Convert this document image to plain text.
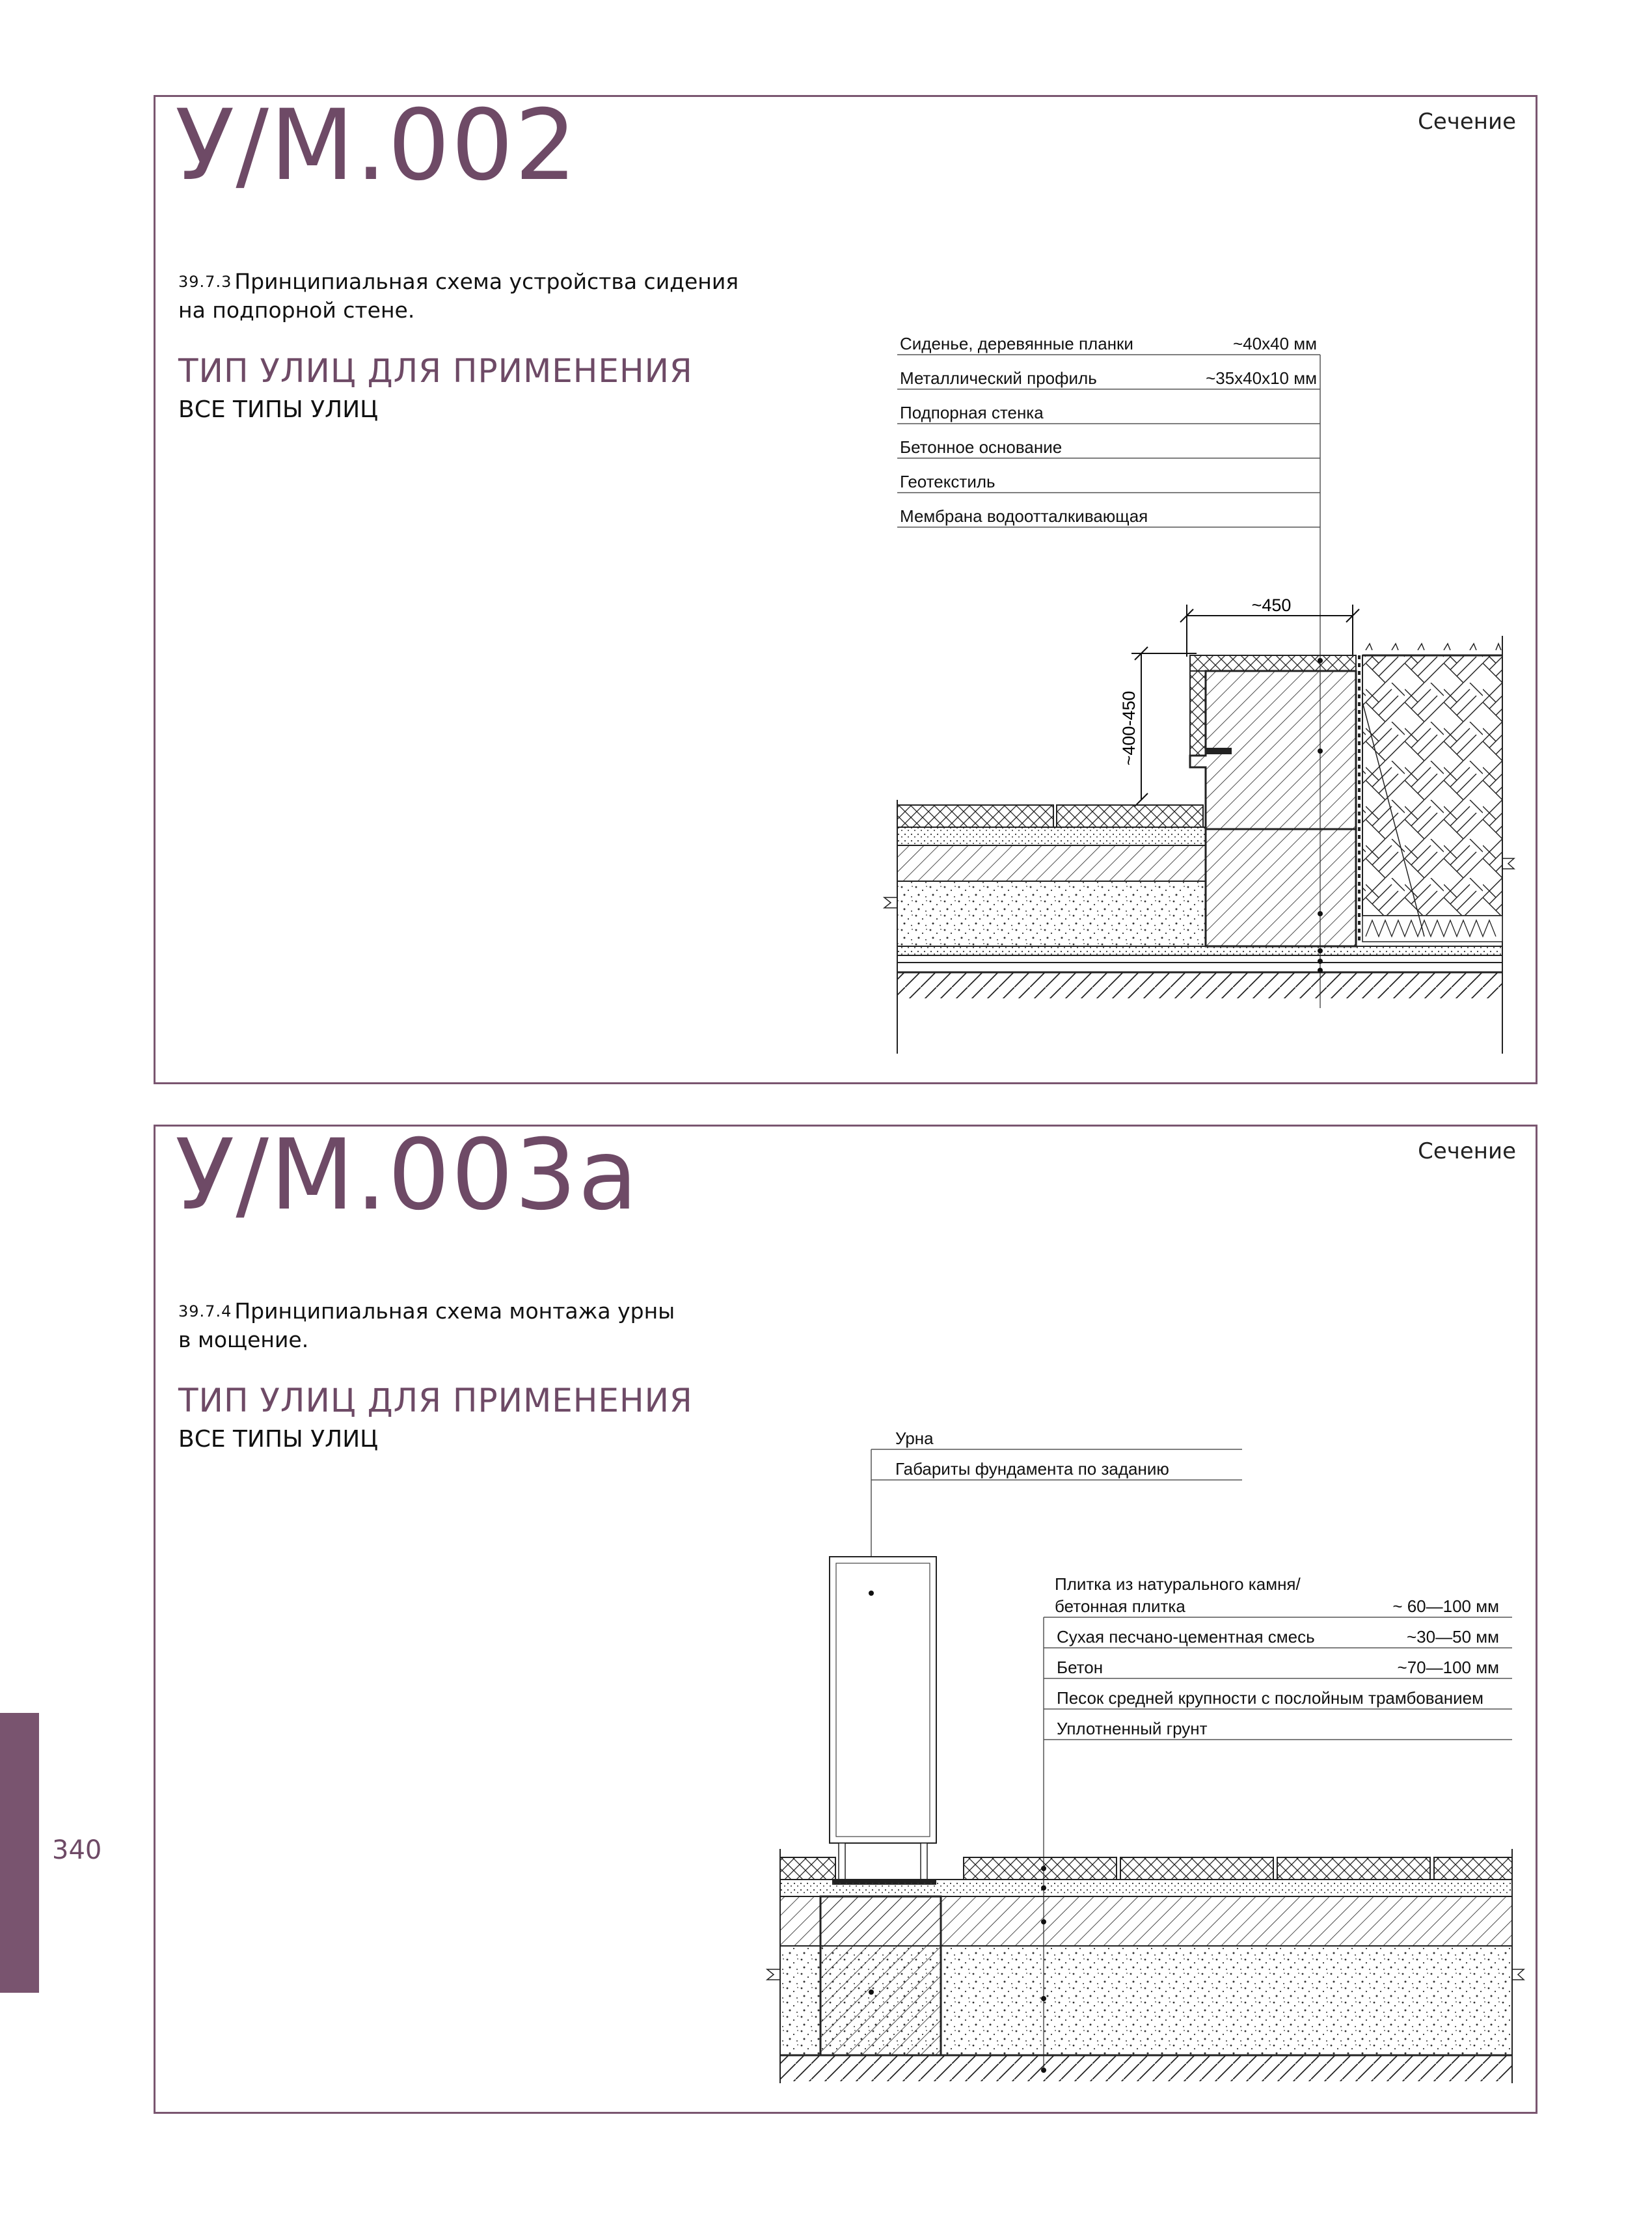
У/М.002	Сечение
$^{39.7.3}$ Принципиальная схема устройства сидения
на подпорной стене.
ТИП УЛИЦ ДЛЯ ПРИМЕНЕНИЯ
ВСЕ ТИПЫ УЛИЦ
Сиденье, деревянные планки	~40х40 мм
Металлический профиль	~35х40х10 мм
Подпорная стенка
Бетонное основание
Геотекстиль
Мембрана водоотталкивающая
~450
~400-450
У/М.003а	Сечение
$^{39.7.4}$ Принципиальная схема монтажа урны
в мощение.
ТИП УЛИЦ ДЛЯ ПРИМЕНЕНИЯ
ВСЕ ТИПЫ УЛИЦ	Урна
Габариты фундамента по заданию
Плитка из натурального камня/
бетонная плитка	~ 60—100 мм
Сухая песчано-цементная смесь	~30—50 мм
Бетон	~70—100 мм
Песок средней крупности с послойным трамбованием
Уплотненный грунт
340
